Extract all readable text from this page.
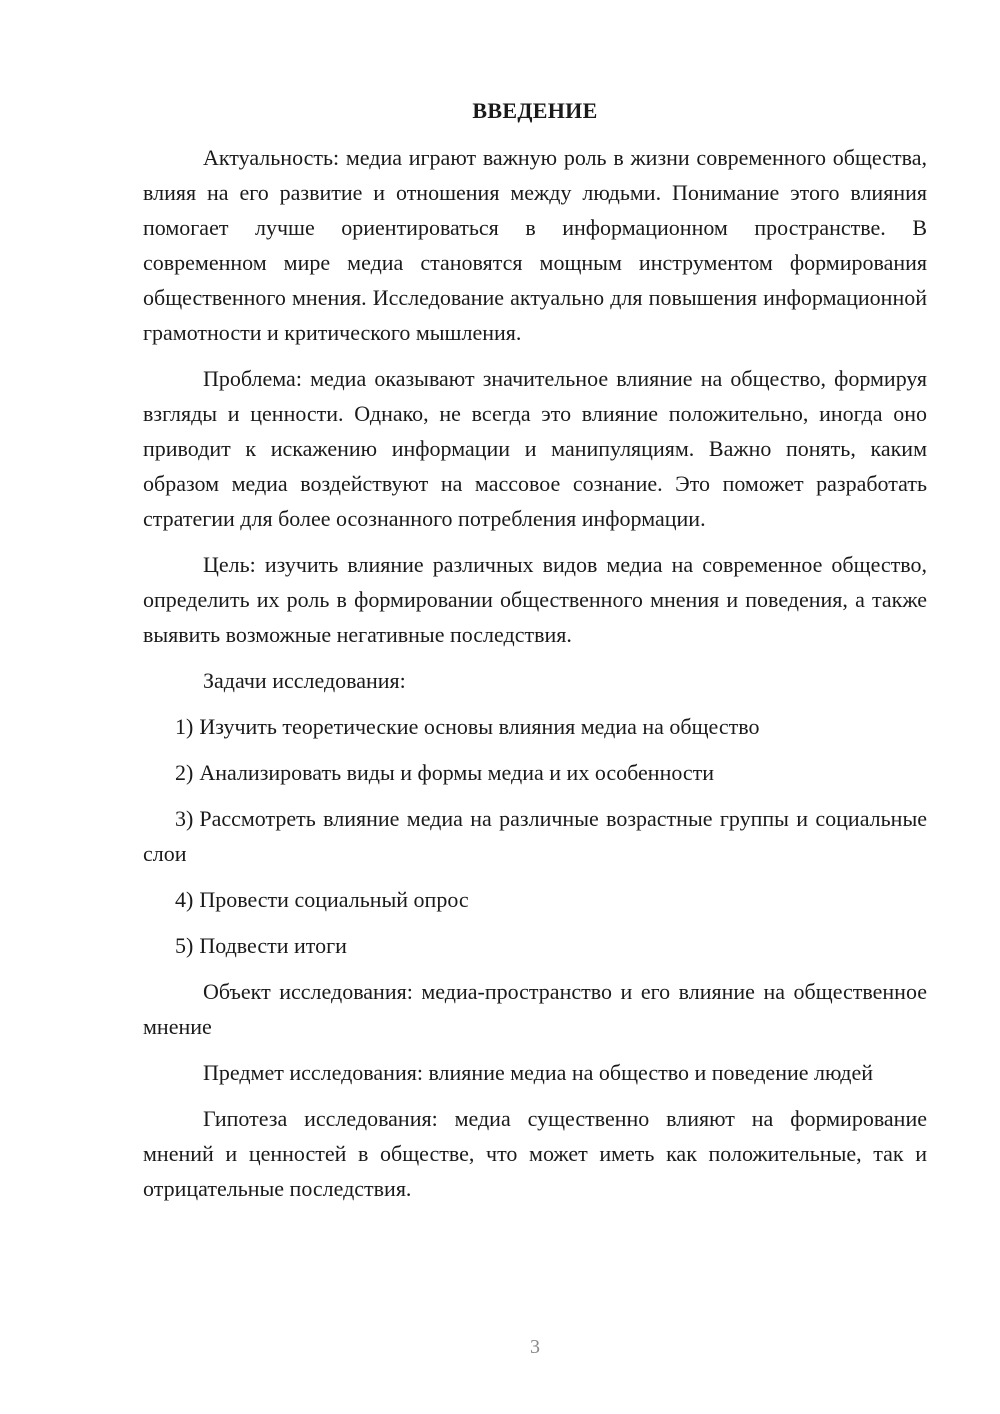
ВВЕДЕНИЕ

Актуальность: медиа играют важную роль в жизни современного общества, влияя на его развитие и отношения между людьми. Понимание этого влияния помогает лучше ориентироваться в информационном пространстве. В современном мире медиа становятся мощным инструментом формирования общественного мнения. Исследование актуально для повышения информационной грамотности и критического мышления.

Проблема: медиа оказывают значительное влияние на общество, формируя взгляды и ценности. Однако, не всегда это влияние положительно, иногда оно приводит к искажению информации и манипуляциям. Важно понять, каким образом медиа воздействуют на массовое сознание. Это поможет разработать стратегии для более осознанного потребления информации.

Цель: изучить влияние различных видов медиа на современное общество, определить их роль в формировании общественного мнения и поведения, а также выявить возможные негативные последствия.

Задачи исследования:

1) Изучить теоретические основы влияния медиа на общество
2) Анализировать виды и формы медиа и их особенности
3) Рассмотреть влияние медиа на различные возрастные группы и социальные слои
4) Провести социальный опрос
5) Подвести итоги

Объект исследования: медиа-пространство и его влияние на общественное мнение

Предмет исследования: влияние медиа на общество и поведение людей

Гипотеза исследования: медиа существенно влияют на формирование мнений и ценностей в обществе, что может иметь как положительные, так и отрицательные последствия.

3
